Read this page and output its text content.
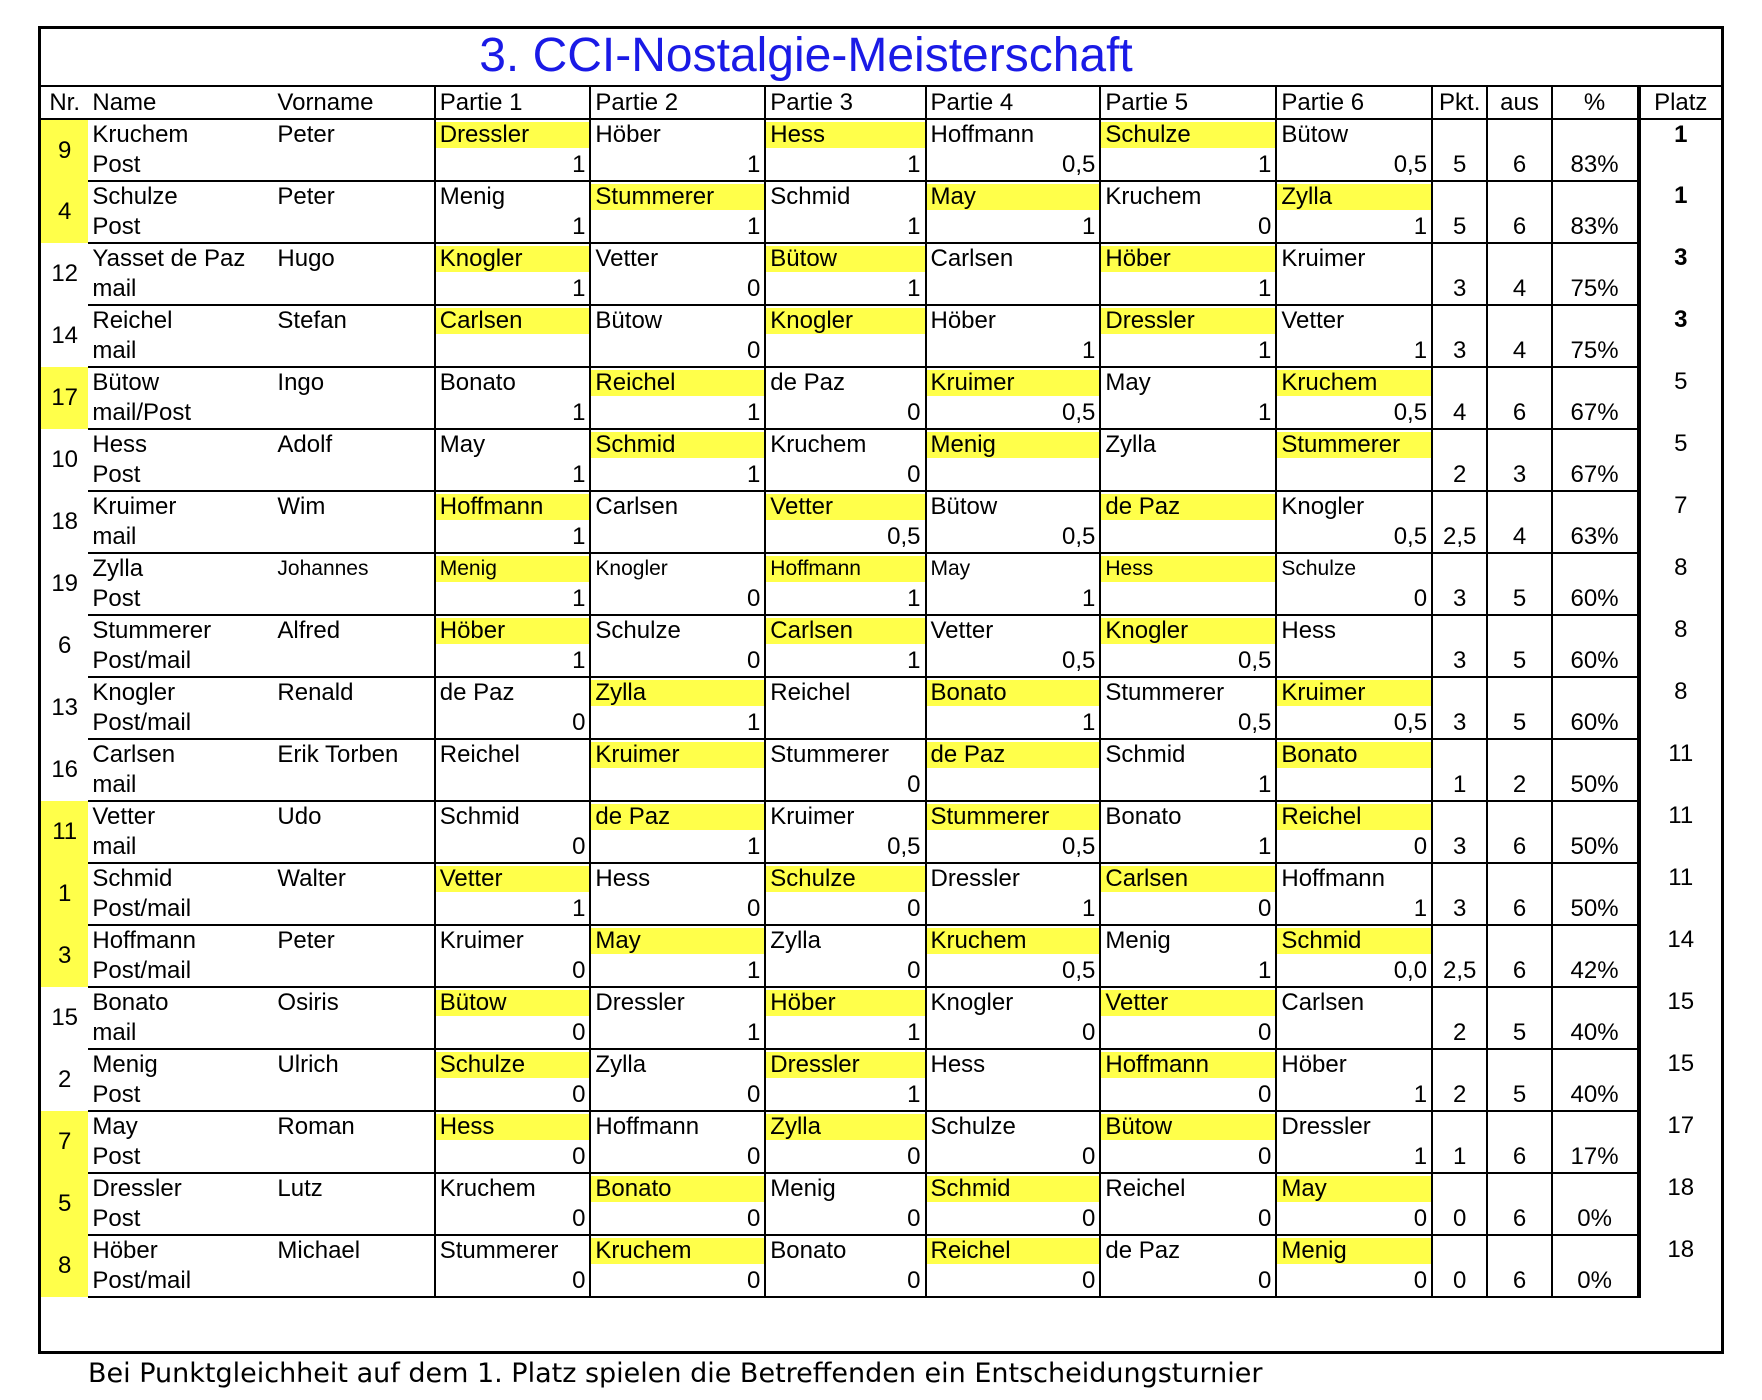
3. CCI-Nostalgie-Meisterschaft
Nr.	Name	Vorname	Partie 1	Partie 2	Partie 3	Partie 4	Partie 5	Partie 6	Pkt.	aus	%	Platz
9	Kruchem	Peter	Dressler	Höber	Hess	Hoffmann	Schulze	Bütow				1
	Post		1	1	1	0,5	1	0,5	5	6	83%	
4	Schulze	Peter	Menig	Stummerer	Schmid	May	Kruchem	Zylla				1
	Post		1	1	1	1	0	1	5	6	83%	
12	Yasset de Paz	Hugo	Knogler	Vetter	Bütow	Carlsen	Höber	Kruimer				3
	mail		1	0	1		1		3	4	75%	
14	Reichel	Stefan	Carlsen	Bütow	Knogler	Höber	Dressler	Vetter				3
	mail			0		1	1	1	3	4	75%	
17	Bütow	Ingo	Bonato	Reichel	de Paz	Kruimer	May	Kruchem				5
	mail/Post		1	1	0	0,5	1	0,5	4	6	67%	
10	Hess	Adolf	May	Schmid	Kruchem	Menig	Zylla	Stummerer				5
	Post		1	1	0				2	3	67%	
18	Kruimer	Wim	Hoffmann	Carlsen	Vetter	Bütow	de Paz	Knogler				7
	mail		1		0,5	0,5		0,5	2,5	4	63%	
19	Zylla	Johannes	Menig	Knogler	Hoffmann	May	Hess	Schulze				8
	Post		1	0	1	1		0	3	5	60%	
6	Stummerer	Alfred	Höber	Schulze	Carlsen	Vetter	Knogler	Hess				8
	Post/mail		1	0	1	0,5	0,5		3	5	60%	
13	Knogler	Renald	de Paz	Zylla	Reichel	Bonato	Stummerer	Kruimer				8
	Post/mail		0	1		1	0,5	0,5	3	5	60%	
16	Carlsen	Erik Torben	Reichel	Kruimer	Stummerer	de Paz	Schmid	Bonato				11
	mail				0		1		1	2	50%	
11	Vetter	Udo	Schmid	de Paz	Kruimer	Stummerer	Bonato	Reichel				11
	mail		0	1	0,5	0,5	1	0	3	6	50%	
1	Schmid	Walter	Vetter	Hess	Schulze	Dressler	Carlsen	Hoffmann				11
	Post/mail		1	0	0	1	0	1	3	6	50%	
3	Hoffmann	Peter	Kruimer	May	Zylla	Kruchem	Menig	Schmid				14
	Post/mail		0	1	0	0,5	1	0,0	2,5	6	42%	
15	Bonato	Osiris	Bütow	Dressler	Höber	Knogler	Vetter	Carlsen				15
	mail		0	1	1	0	0		2	5	40%	
2	Menig	Ulrich	Schulze	Zylla	Dressler	Hess	Hoffmann	Höber				15
	Post		0	0	1		0	1	2	5	40%	
7	May	Roman	Hess	Hoffmann	Zylla	Schulze	Bütow	Dressler				17
	Post		0	0	0	0	0	1	1	6	17%	
5	Dressler	Lutz	Kruchem	Bonato	Menig	Schmid	Reichel	May				18
	Post		0	0	0	0	0	0	0	6	0%	
8	Höber	Michael	Stummerer	Kruchem	Bonato	Reichel	de Paz	Menig				18
	Post/mail		0	0	0	0	0	0	0	6	0%	
Bei Punktgleichheit auf dem 1. Platz spielen die Betreffenden ein Entscheidungsturnier
